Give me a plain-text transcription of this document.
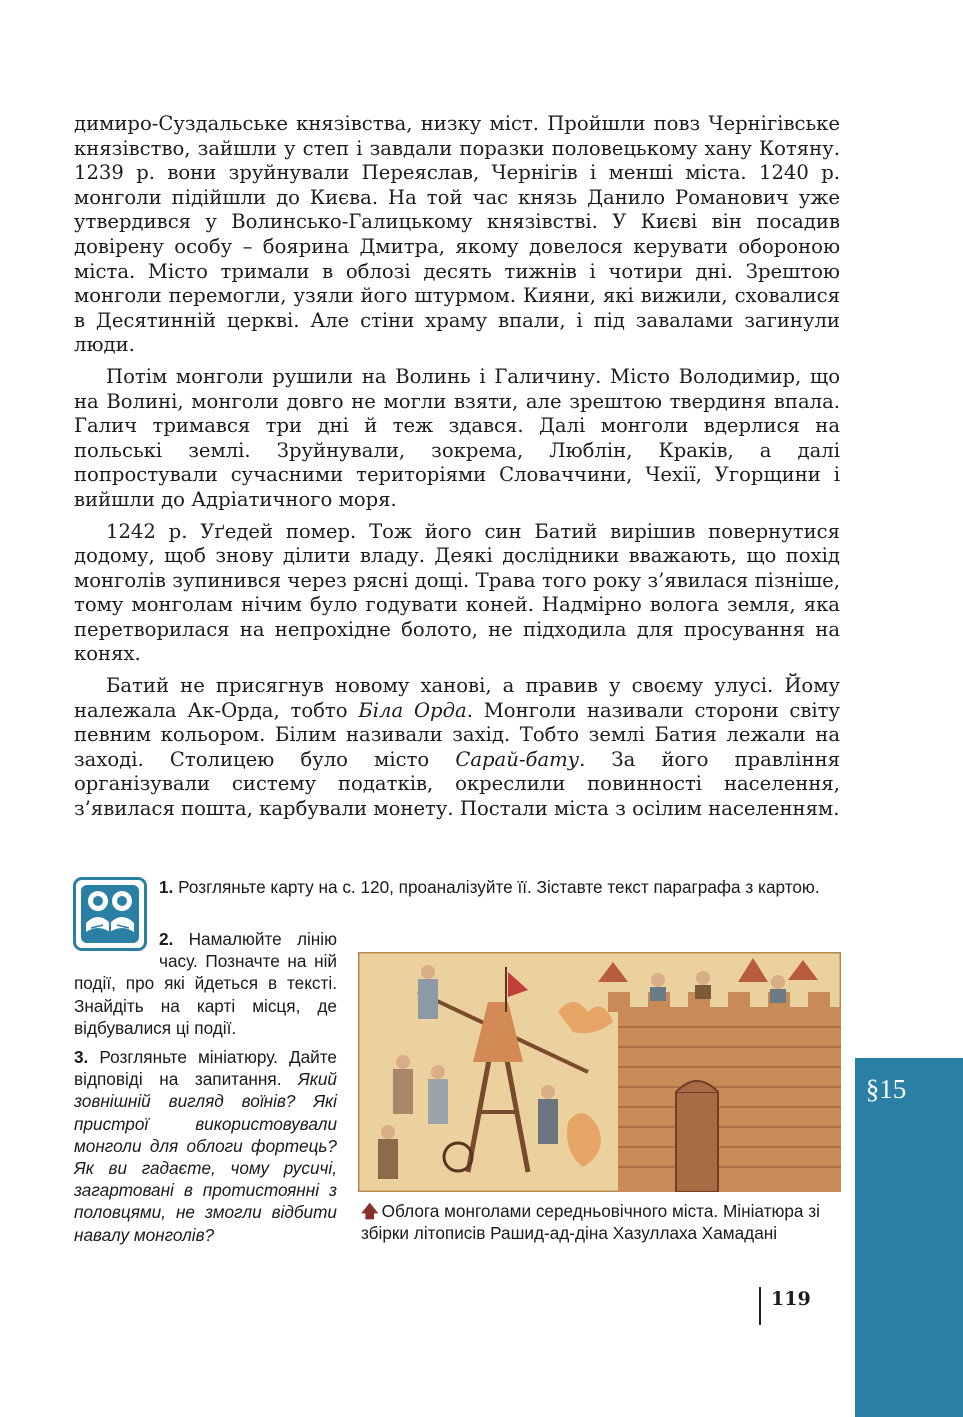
димиро-Суздальське князівства, низку міст. Пройшли повз Чернігівське князівство, зайшли у степ і завдали поразки половецькому хану Котяну. 1239 р. вони зруйнували Переяслав, Чернігів і менші міста. 1240 р. монголи підійшли до Києва. На той час князь Данило Романович уже утвердився у Волинсько-Галицькому князівстві. У Києві він посадив довірену особу – боярина Дмитра, якому довелося керувати обороною міста. Місто тримали в облозі десять тижнів і чотири дні. Зрештою монголи перемогли, узяли його штурмом. Кияни, які вижили, сховалися в Десятинній церкві. Але стіни храму впали, і під завалами загинули люди.

Потім монголи рушили на Волинь і Галичину. Місто Володимир, що на Волині, монголи довго не могли взяти, але зрештою твердиня впала. Галич тримався три дні й теж здався. Далі монголи вдерлися на польські землі. Зруйнували, зокрема, Люблін, Краків, а далі попрoстували сучасними територіями Словаччини, Чехії, Угорщини і вийшли до Адріатичного моря.

1242 р. Уґедей помер. Тож його син Батий вирішив повернутися додому, щоб знову ділити владу. Деякі дослідники вважають, що похід монголів зупинився через рясні дощі. Трава того року з’явилася пізніше, тому монголам нічим було годувати коней. Надмірно волога земля, яка перетворилася на непрохідне болото, не підходила для просування на конях.

Батий не присягнув новому ханові, а правив у своєму улусі. Йому належала Ак-Орда, тобто Біла Орда. Монголи називали сторони світу певним кольором. Білим називали захід. Тобто землі Батия лежали на заході. Столицею було місто Сарай-бату. За його правління організували систему податків, окреслили повинності населення, з’явилася пошта, карбували монету. Постали міста з осілим населенням.

1. Розгляньте карту на с. 120, проаналізуйте її. Зіставте текст параграфа з картою.
2. Намалюйте лінію часу. Позначте на ній події, про які йдеться в тексті. Знайдіть на карті місця, де відбувалися ці події.
3. Розгляньте мініатюру. Дайте відповіді на запитання. Який зовнішній вигляд воїнів? Які пристрої використовували монголи для облоги фортець? Як ви гадаєте, чому русичі, загартовані в протистоянні з половцями, не змогли відбити навалу монголів?
🡅 Облога монголами середньовічного міста. Мініатюра зі збірки літописів Рашид-ад-діна Хазуллаха Хамадані
119
§15
